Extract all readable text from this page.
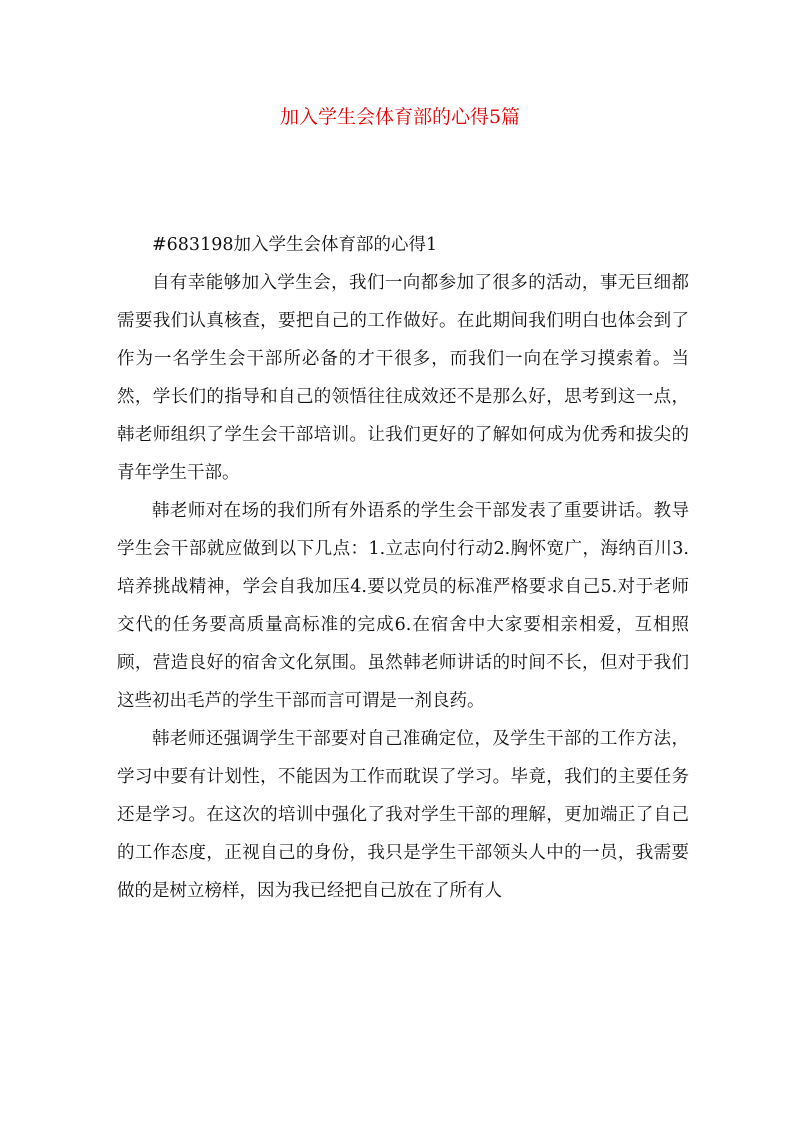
加入学生会体育部的心得5篇

#683198加入学生会体育部的心得1

自有幸能够加入学生会，我们一向都参加了很多的活动，事无巨细都需要我们认真核查，要把自己的工作做好。在此期间我们明白也体会到了作为一名学生会干部所必备的才干很多，而我们一向在学习摸索着。当然，学长们的指导和自己的领悟往往成效还不是那么好，思考到这一点，韩老师组织了学生会干部培训。让我们更好的了解如何成为优秀和拔尖的青年学生干部。

韩老师对在场的我们所有外语系的学生会干部发表了重要讲话。教导学生会干部就应做到以下几点：1.立志向付行动2.胸怀宽广，海纳百川3.培养挑战精神，学会自我加压4.要以党员的标准严格要求自己5.对于老师交代的任务要高质量高标准的完成6.在宿舍中大家要相亲相爱，互相照顾，营造良好的宿舍文化氛围。虽然韩老师讲话的时间不长，但对于我们这些初出毛芦的学生干部而言可谓是一剂良药。

韩老师还强调学生干部要对自己准确定位，及学生干部的工作方法，学习中要有计划性，不能因为工作而耽误了学习。毕竟，我们的主要任务还是学习。在这次的培训中强化了我对学生干部的理解，更加端正了自己的工作态度，正视自己的身份，我只是学生干部领头人中的一员，我需要做的是树立榜样，因为我已经把自己放在了所有人
